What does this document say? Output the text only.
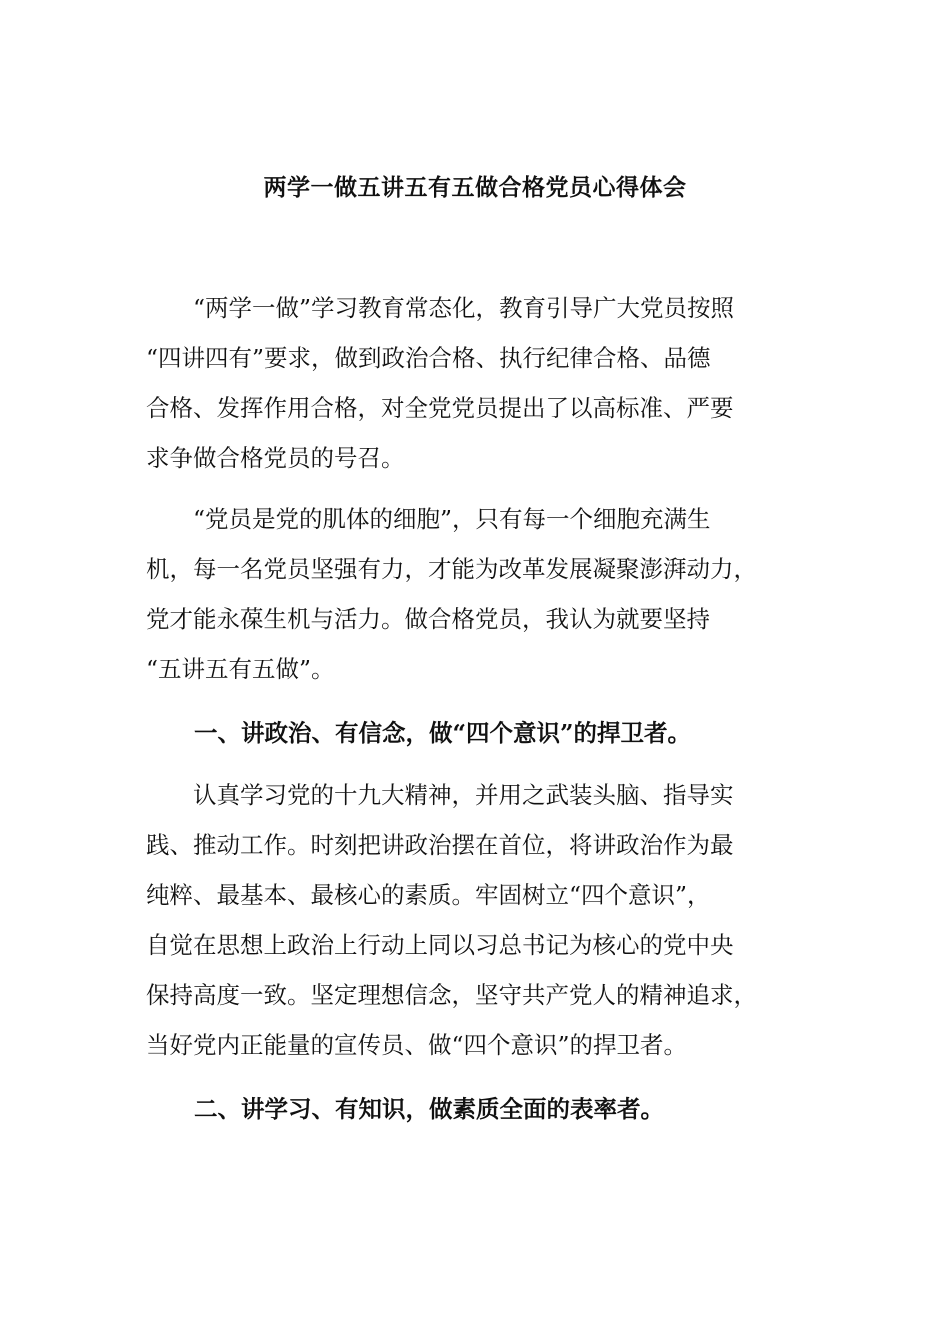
两学一做五讲五有五做合格党员心得体会
　　“两学一做”学习教育常态化，教育引导广大党员按照
“四讲四有”要求，做到政治合格、执行纪律合格、品德
合格、发挥作用合格，对全党党员提出了以高标准、严要
求争做合格党员的号召。
　　“党员是党的肌体的细胞”，只有每一个细胞充满生
机，每一名党员坚强有力，才能为改革发展凝聚澎湃动力，
党才能永葆生机与活力。做合格党员，我认为就要坚持
“五讲五有五做”。
一、讲政治、有信念，做“四个意识”的捍卫者。
　　认真学习党的十九大精神，并用之武装头脑、指导实
践、推动工作。时刻把讲政治摆在首位，将讲政治作为最
纯粹、最基本、最核心的素质。牢固树立“四个意识”，
自觉在思想上政治上行动上同以习总书记为核心的党中央
保持高度一致。坚定理想信念，坚守共产党人的精神追求，
当好党内正能量的宣传员、做“四个意识”的捍卫者。
二、讲学习、有知识，做素质全面的表率者。
